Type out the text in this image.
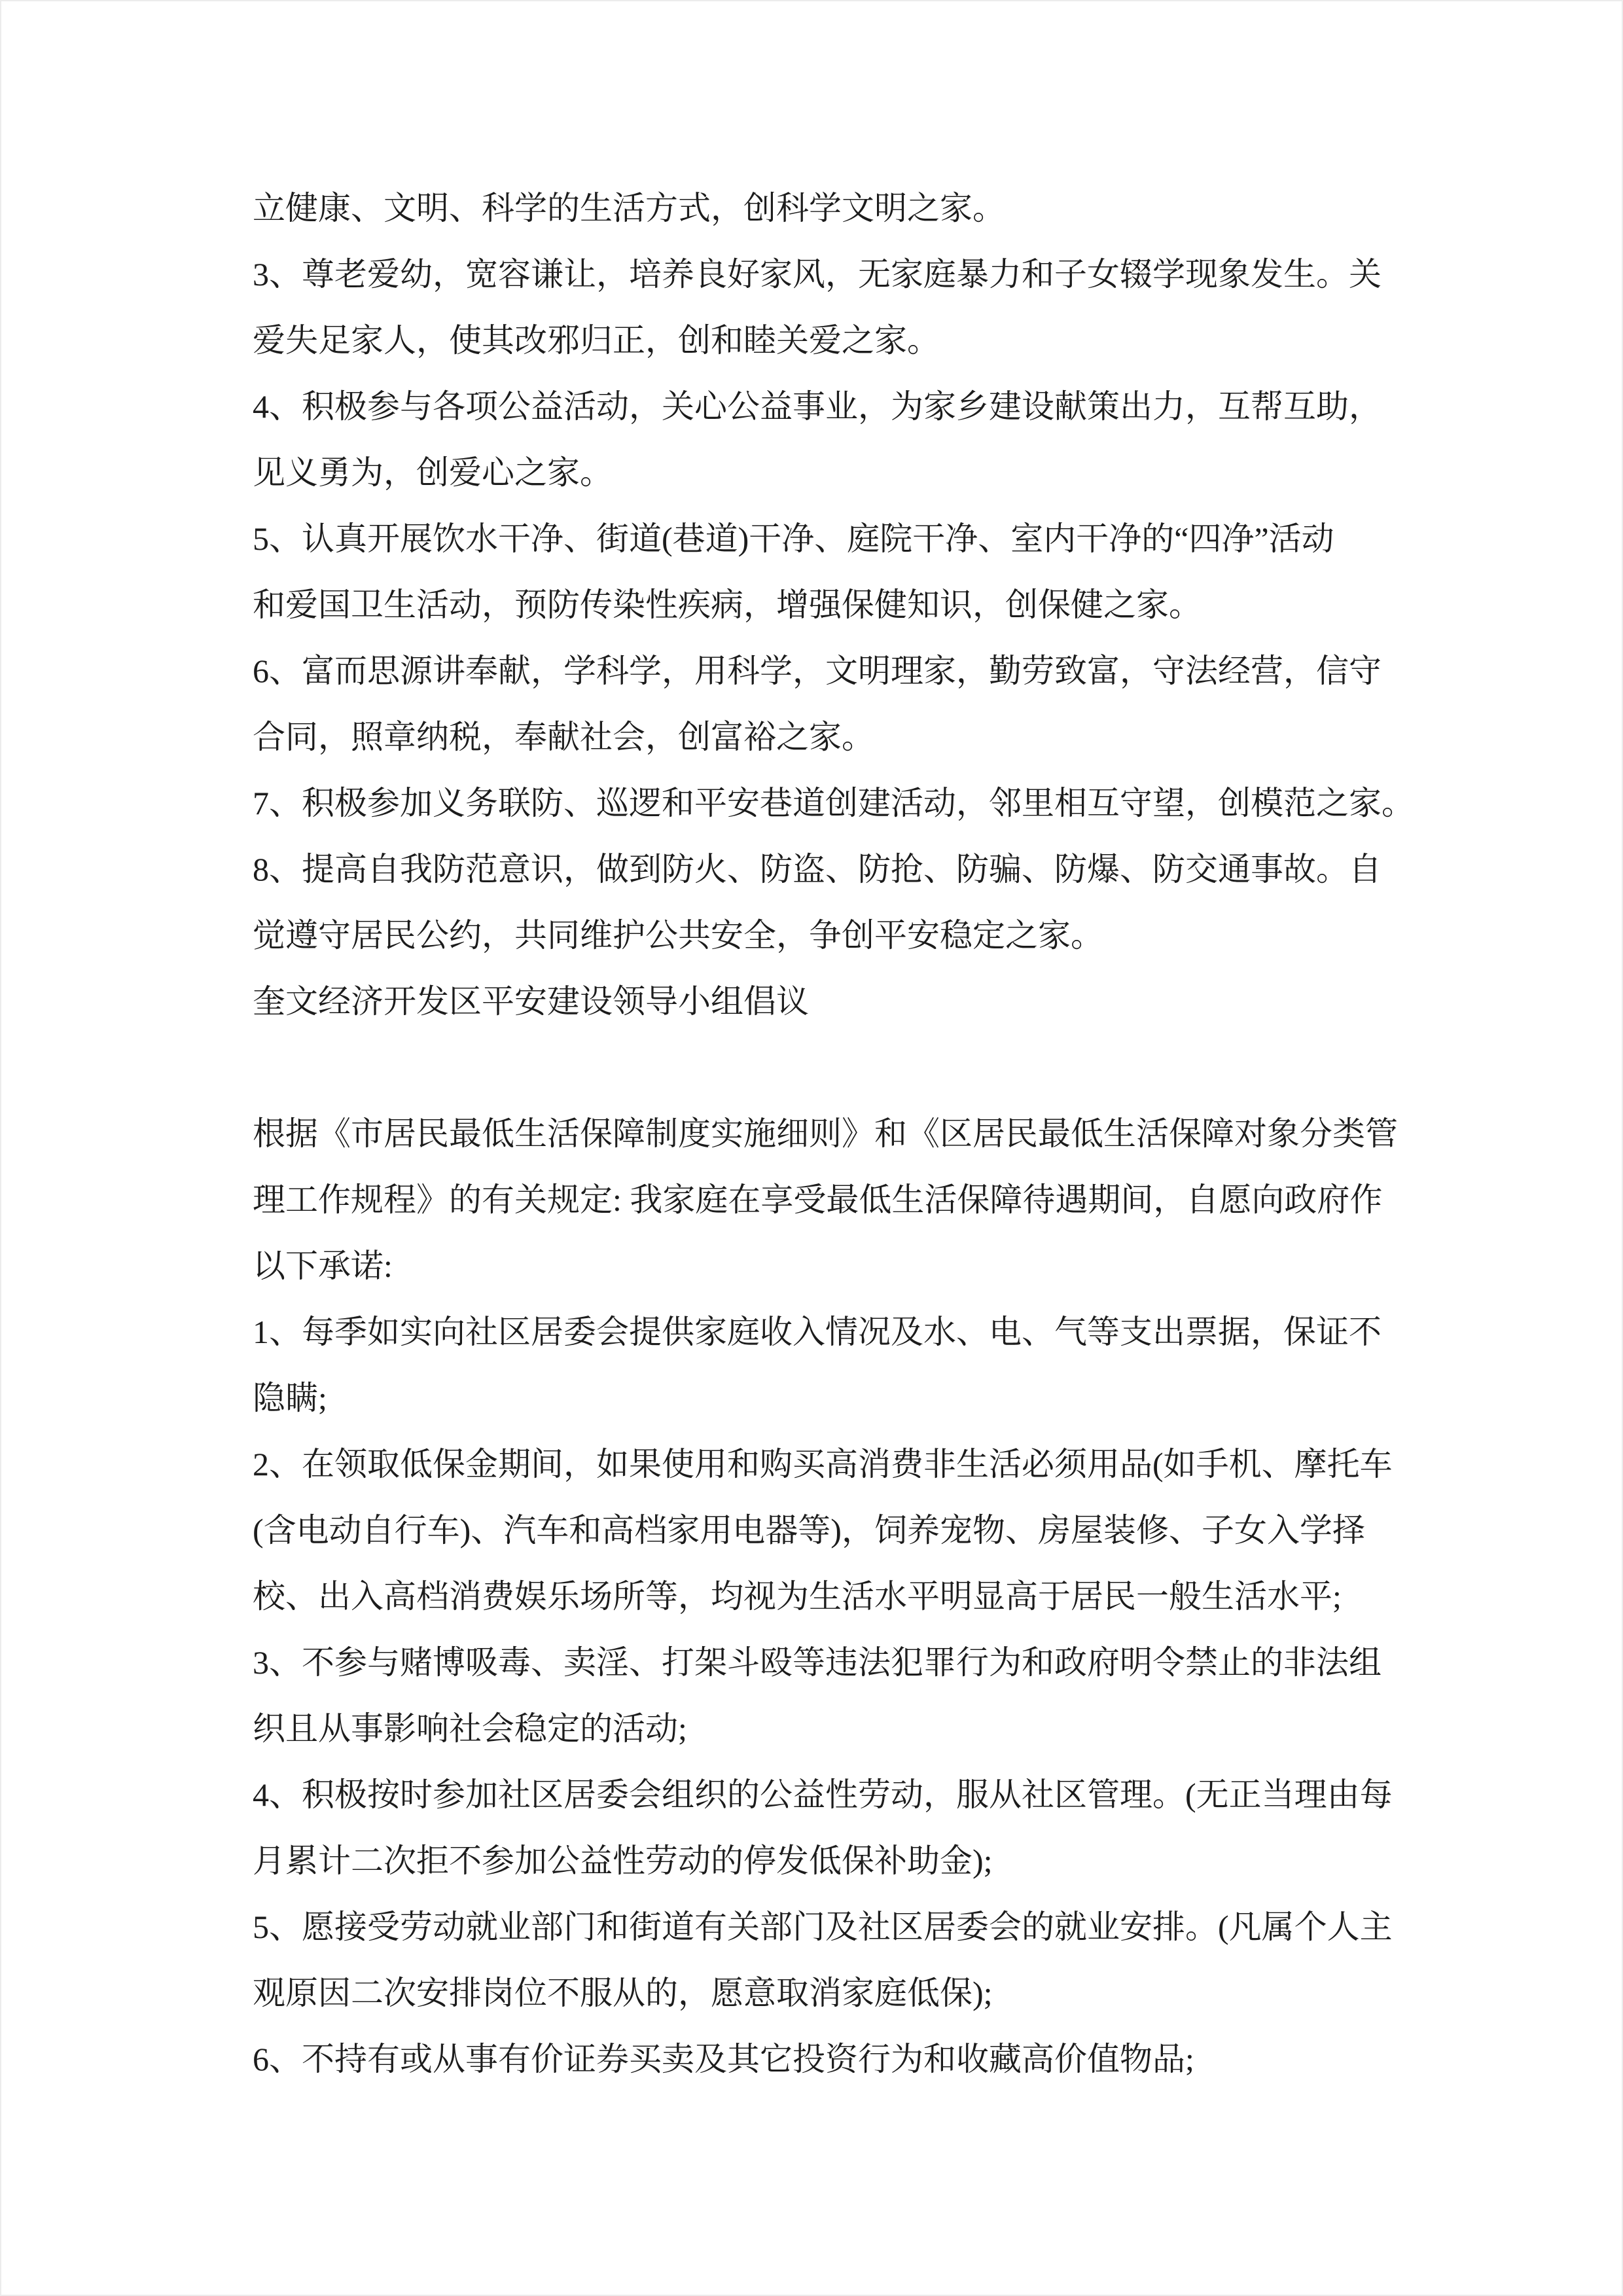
立健康、文明、科学的生活方式，创科学文明之家。
3、尊老爱幼，宽容谦让，培养良好家风，无家庭暴力和子女辍学现象发生。关
爱失足家人，使其改邪归正，创和睦关爱之家。
4、积极参与各项公益活动，关心公益事业，为家乡建设献策出力，互帮互助，
见义勇为，创爱心之家。
5、认真开展饮水干净、街道(巷道)干净、庭院干净、室内干净的“四净”活动
和爱国卫生活动，预防传染性疾病，增强保健知识，创保健之家。
6、富而思源讲奉献，学科学，用科学，文明理家，勤劳致富，守法经营，信守
合同，照章纳税，奉献社会，创富裕之家。
7、积极参加义务联防、巡逻和平安巷道创建活动，邻里相互守望，创模范之家。
8、提高自我防范意识，做到防火、防盗、防抢、防骗、防爆、防交通事故。自
觉遵守居民公约，共同维护公共安全，争创平安稳定之家。
奎文经济开发区平安建设领导小组倡议
根据《市居民最低生活保障制度实施细则》和《区居民最低生活保障对象分类管
理工作规程》的有关规定: 我家庭在享受最低生活保障待遇期间，自愿向政府作
以下承诺:
1、每季如实向社区居委会提供家庭收入情况及水、电、气等支出票据，保证不
隐瞒;
2、在领取低保金期间，如果使用和购买高消费非生活必须用品(如手机、摩托车
(含电动自行车)、汽车和高档家用电器等)，饲养宠物、房屋装修、子女入学择
校、出入高档消费娱乐场所等，均视为生活水平明显高于居民一般生活水平;
3、不参与赌博吸毒、卖淫、打架斗殴等违法犯罪行为和政府明令禁止的非法组
织且从事影响社会稳定的活动;
4、积极按时参加社区居委会组织的公益性劳动，服从社区管理。(无正当理由每
月累计二次拒不参加公益性劳动的停发低保补助金);
5、愿接受劳动就业部门和街道有关部门及社区居委会的就业安排。(凡属个人主
观原因二次安排岗位不服从的，愿意取消家庭低保);
6、不持有或从事有价证券买卖及其它投资行为和收藏高价值物品;
